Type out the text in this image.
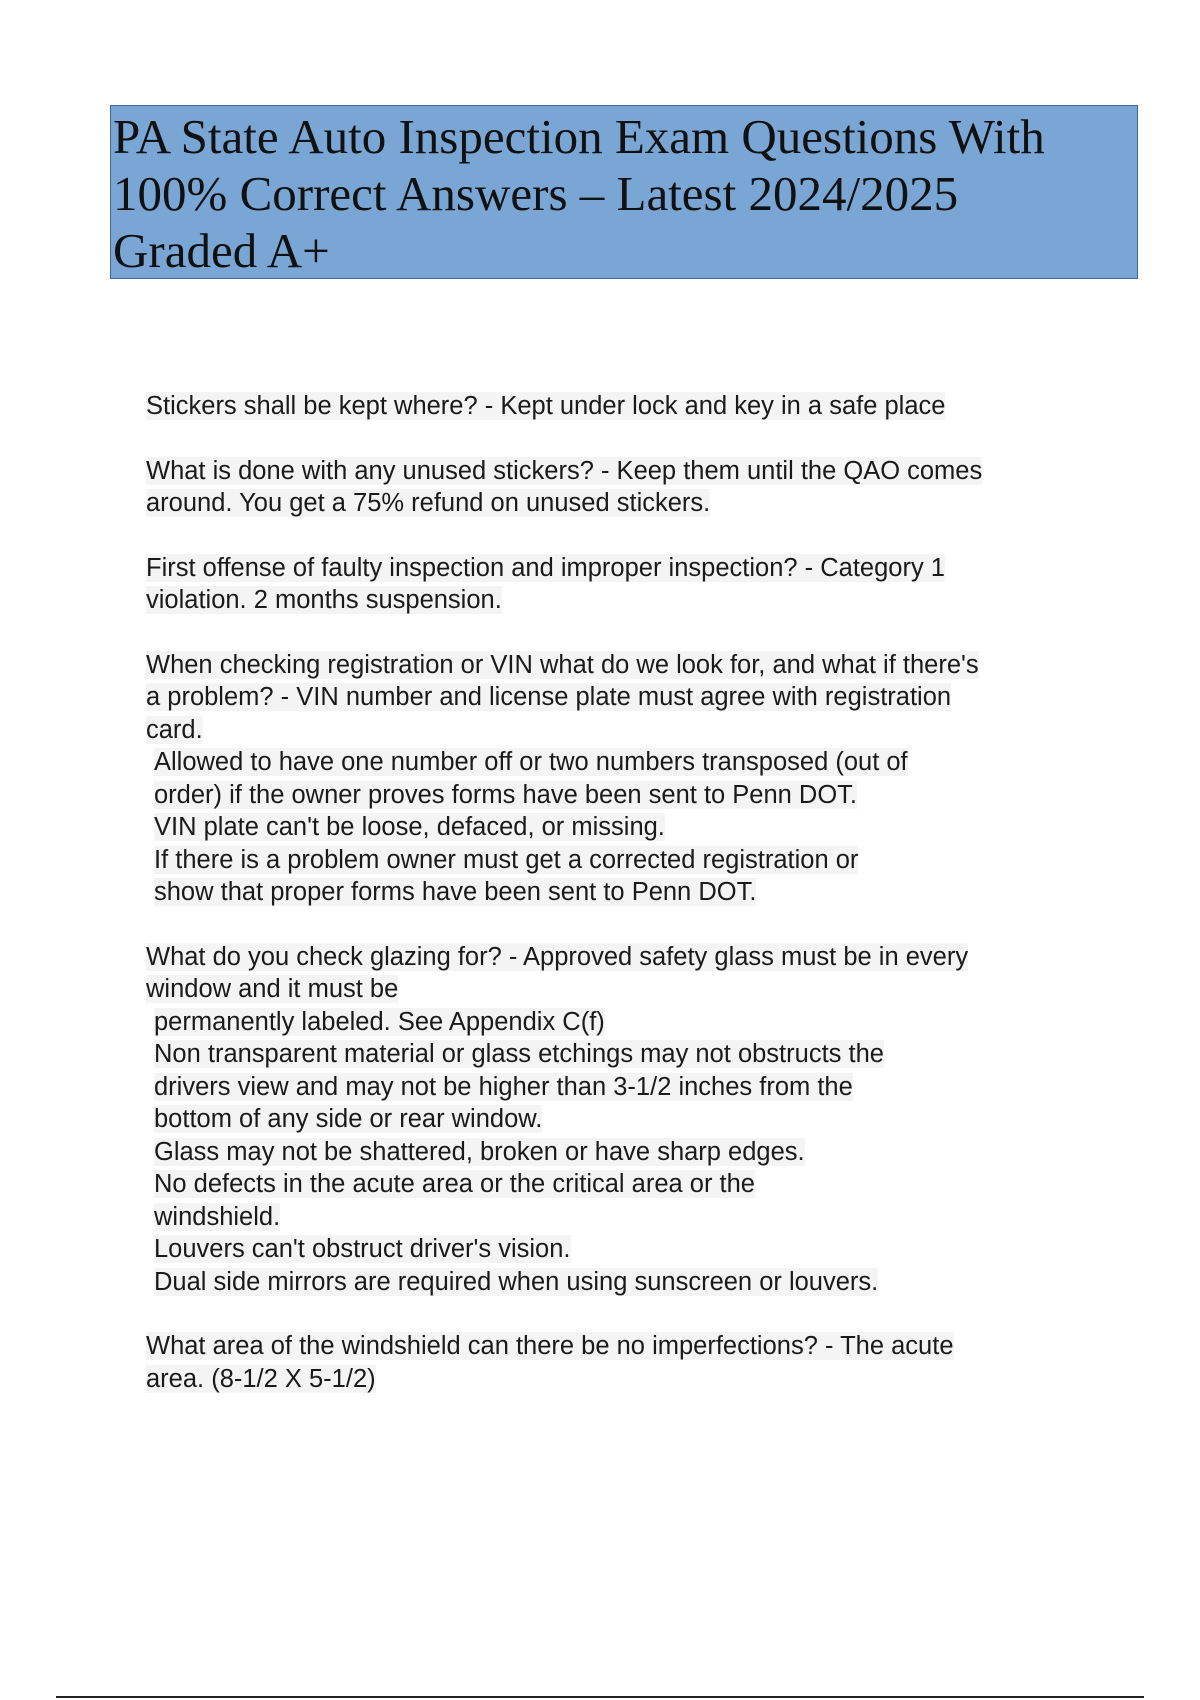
PA State Auto Inspection Exam Questions With
100% Correct Answers – Latest 2024/2025
Graded A+
Stickers shall be kept where? - Kept under lock and key in a safe place
What is done with any unused stickers? - Keep them until the QAO comes
around. You get a 75% refund on unused stickers.
First offense of faulty inspection and improper inspection? - Category 1
violation. 2 months suspension.
When checking registration or VIN what do we look for, and what if there's
a problem? - VIN number and license plate must agree with registration
card.
Allowed to have one number off or two numbers transposed (out of
order) if the owner proves forms have been sent to Penn DOT.
VIN plate can't be loose, defaced, or missing.
If there is a problem owner must get a corrected registration or
show that proper forms have been sent to Penn DOT.
What do you check glazing for? - Approved safety glass must be in every
window and it must be
permanently labeled. See Appendix C(f)
Non transparent material or glass etchings may not obstructs the
drivers view and may not be higher than 3-1/2 inches from the
bottom of any side or rear window.
Glass may not be shattered, broken or have sharp edges.
No defects in the acute area or the critical area or the
windshield.
Louvers can't obstruct driver's vision.
Dual side mirrors are required when using sunscreen or louvers.
What area of the windshield can there be no imperfections? - The acute
area. (8-1/2 X 5-1/2)
